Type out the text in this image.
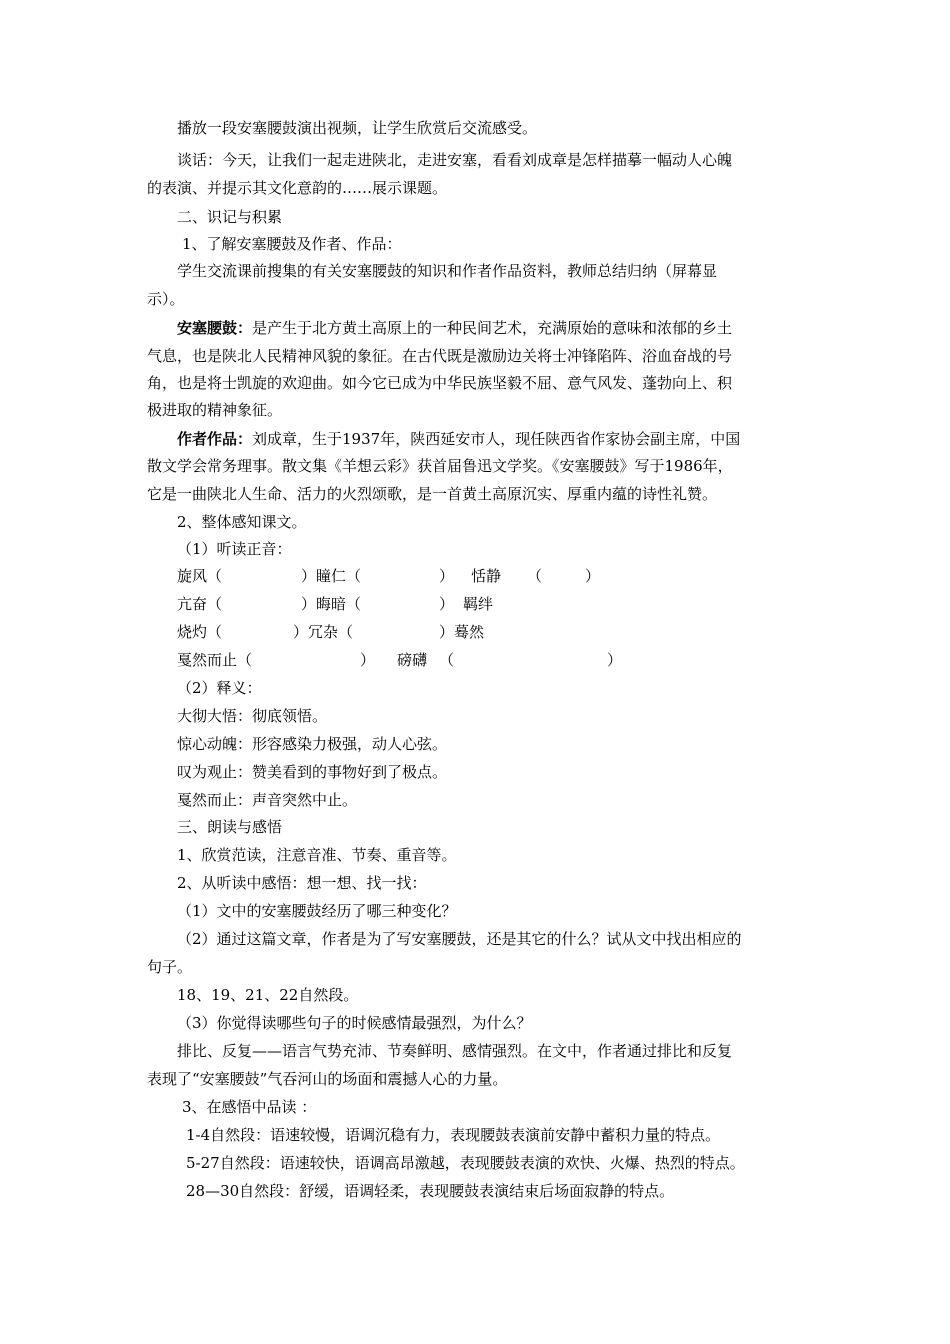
播放一段安塞腰鼓演出视频，让学生欣赏后交流感受。
谈话：今天，让我们一起走进陕北，走进安塞，看看刘成章是怎样描摹一幅动人心魄
的表演、并提示其文化意韵的……展示课题。
二、识记与积累
1、了解安塞腰鼓及作者、作品：
学生交流课前搜集的有关安塞腰鼓的知识和作者作品资料，教师总结归纳（屏幕显
示）。
安塞腰鼓：是产生于北方黄土高原上的一种民间艺术，充满原始的意味和浓郁的乡土
气息，也是陕北人民精神风貌的象征。在古代既是激励边关将士冲锋陷阵、浴血奋战的号
角，也是将士凯旋的欢迎曲。如今它已成为中华民族坚毅不屈、意气风发、蓬勃向上、积
极进取的精神象征。
作者作品：刘成章，生于1937年，陕西延安市人，现任陕西省作家协会副主席，中国
散文学会常务理事。散文集《羊想云彩》获首届鲁迅文学奖。《安塞腰鼓》写于1986年，
它是一曲陕北人生命、活力的火烈颂歌，是一首黄土高原沉实、厚重内蕴的诗性礼赞。
2、整体感知课文。
（1）听读正音：
旋风（	）瞳仁（	） 恬静 （	）
亢奋（	）晦暗（	） 羁绊
烧灼（	）冗杂（	）蓦然
戛然而止（	） 磅礴 （	）
（2）释义：
大彻大悟：彻底领悟。
惊心动魄：形容感染力极强，动人心弦。
叹为观止：赞美看到的事物好到了极点。
戛然而止：声音突然中止。
三、朗读与感悟
1、欣赏范读，注意音准、节奏、重音等。
2、从听读中感悟：想一想、找一找：
（1）文中的安塞腰鼓经历了哪三种变化？
（2）通过这篇文章，作者是为了写安塞腰鼓，还是其它的什么？试从文中找出相应的
句子。
18、19、21、22自然段。
（3）你觉得读哪些句子的时候感情最强烈，为什么？
排比、反复——语言气势充沛、节奏鲜明、感情强烈。在文中，作者通过排比和反复
表现了“安塞腰鼓”气吞河山的场面和震撼人心的力量。
3、在感悟中品读 ：
1-4自然段：语速较慢，语调沉稳有力，表现腰鼓表演前安静中蓄积力量的特点。
5-27自然段：语速较快，语调高昂激越，表现腰鼓表演的欢快、火爆、热烈的特点。
28—30自然段：舒缓，语调轻柔，表现腰鼓表演结束后场面寂静的特点。
